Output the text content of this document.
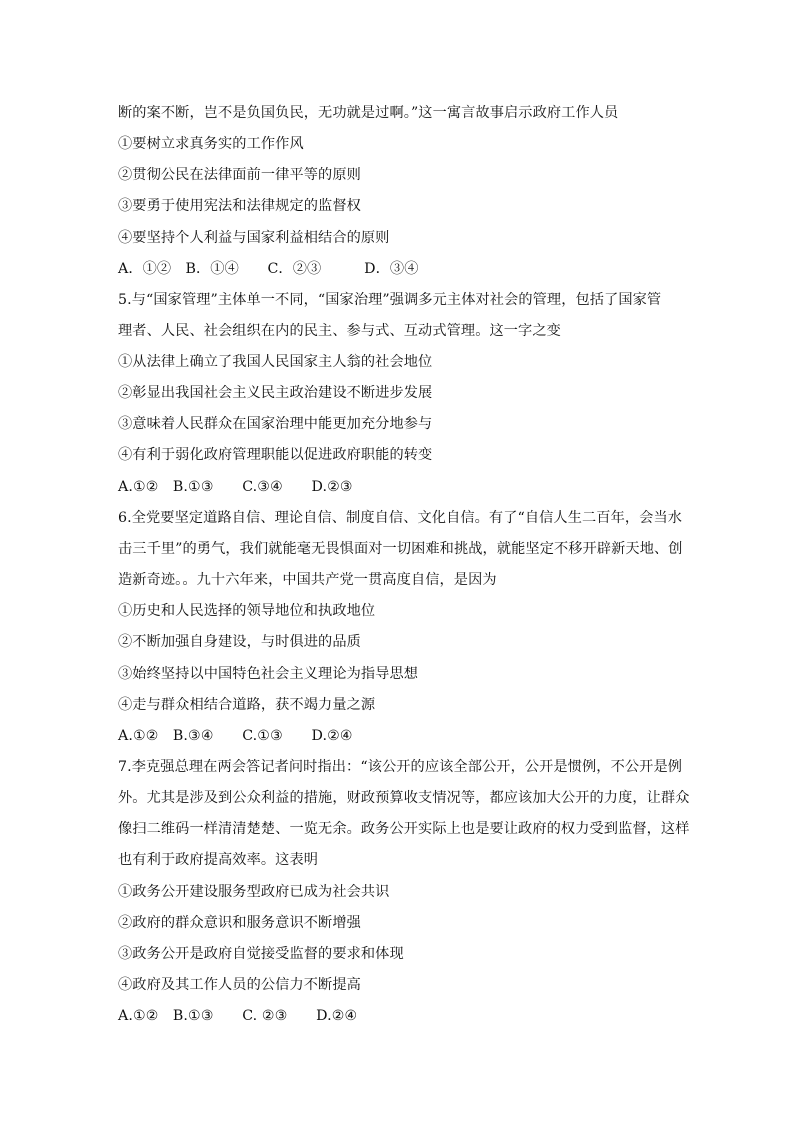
断的案不断，岂不是负国负民，无功就是过啊。”这一寓言故事启示政府工作人员
①要树立求真务实的工作作风
②贯彻公民在法律面前一律平等的原则
③要勇于使用宪法和法律规定的监督权
④要坚持个人利益与国家利益相结合的原则
A．①②　B．①④　　C．②③　　　D．③④
5.与“国家管理”主体单一不同，“国家治理”强调多元主体对社会的管理，包括了国家管
理者、人民、社会组织在内的民主、参与式、互动式管理。这一字之变
①从法律上确立了我国人民国家主人翁的社会地位
②彰显出我国社会主义民主政治建设不断进步发展
③意味着人民群众在国家治理中能更加充分地参与
④有利于弱化政府管理职能以促进政府职能的转变
A.①②　B.①③　　C.③④　　D.②③
6.全党要坚定道路自信、理论自信、制度自信、文化自信。有了“自信人生二百年，会当水
击三千里”的勇气，我们就能毫无畏惧面对一切困难和挑战，就能坚定不移开辟新天地、创
造新奇迹。。九十六年来，中国共产党一贯高度自信，是因为
①历史和人民选择的领导地位和执政地位
②不断加强自身建设，与时俱进的品质
③始终坚持以中国特色社会主义理论为指导思想
④走与群众相结合道路，获不竭力量之源
A.①②　B.③④　　C.①③　　D.②④
7.李克强总理在两会答记者问时指出：“该公开的应该全部公开，公开是惯例，不公开是例
外。尤其是涉及到公众利益的措施，财政预算收支情况等，都应该加大公开的力度，让群众
像扫二维码一样清清楚楚、一览无余。政务公开实际上也是要让政府的权力受到监督，这样
也有利于政府提高效率。这表明
①政务公开建设服务型政府已成为社会共识
②政府的群众意识和服务意识不断增强
③政务公开是政府自觉接受监督的要求和体现
④政府及其工作人员的公信力不断提高
A.①②　B.①③　　C. ②③　　D.②④
